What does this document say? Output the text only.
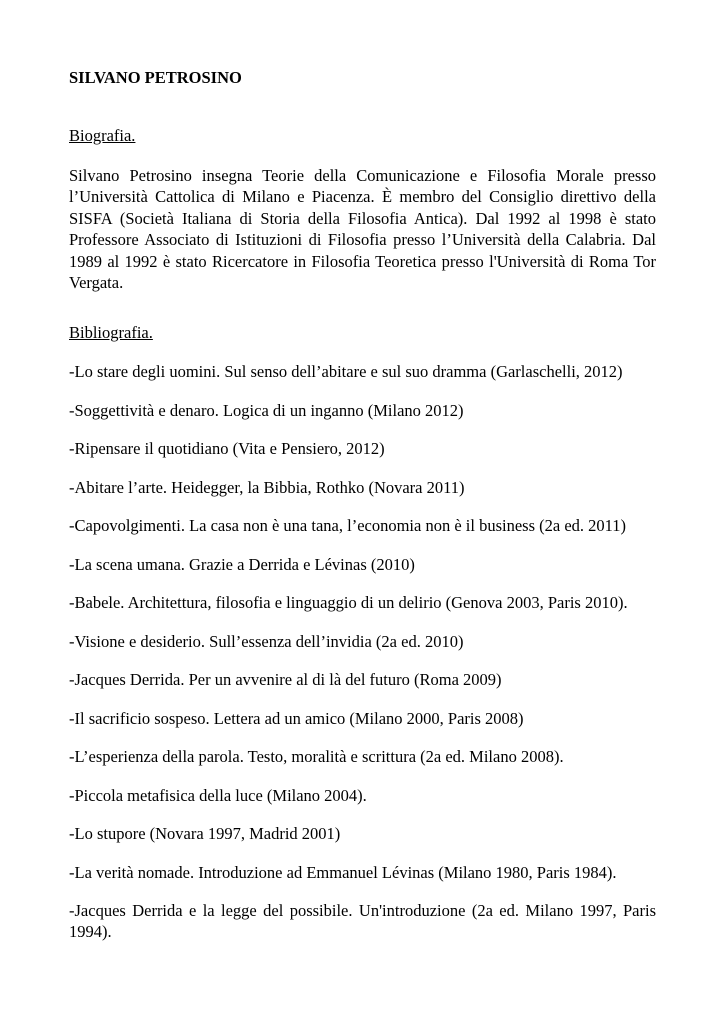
SILVANO PETROSINO
Biografia.

Silvano Petrosino insegna Teorie della Comunicazione e Filosofia Morale presso l’Università Cattolica di Milano e Piacenza. È membro del Consiglio direttivo della SISFA (Società Italiana di Storia della Filosofia Antica). Dal 1992 al 1998 è stato Professore Associato di Istituzioni di Filosofia presso l’Università della Calabria. Dal 1989 al 1992 è stato Ricercatore in Filosofia Teoretica presso l'Università di Roma Tor Vergata.

Bibliografia.
-Lo stare degli uomini. Sul senso dell’abitare e sul suo dramma (Garlaschelli, 2012)
-Soggettività e denaro. Logica di un inganno (Milano 2012)
-Ripensare il quotidiano (Vita e Pensiero, 2012)
-Abitare l’arte. Heidegger, la Bibbia, Rothko (Novara 2011)
-Capovolgimenti. La casa non è una tana, l’economia non è il business (2a ed. 2011)
-La scena umana. Grazie a Derrida e Lévinas (2010)
-Babele. Architettura, filosofia e linguaggio di un delirio (Genova 2003, Paris 2010).
-Visione e desiderio. Sull’essenza dell’invidia (2a ed. 2010)
-Jacques Derrida. Per un avvenire al di là del futuro (Roma 2009)
-Il sacrificio sospeso. Lettera ad un amico (Milano 2000, Paris 2008)
-L’esperienza della parola. Testo, moralità e scrittura (2a ed. Milano 2008).
-Piccola metafisica della luce (Milano 2004).
-Lo stupore (Novara 1997, Madrid 2001)
-La verità nomade. Introduzione ad Emmanuel Lévinas (Milano 1980, Paris 1984).
-Jacques Derrida e la legge del possibile. Un'introduzione (2a ed. Milano 1997, Paris 1994).
